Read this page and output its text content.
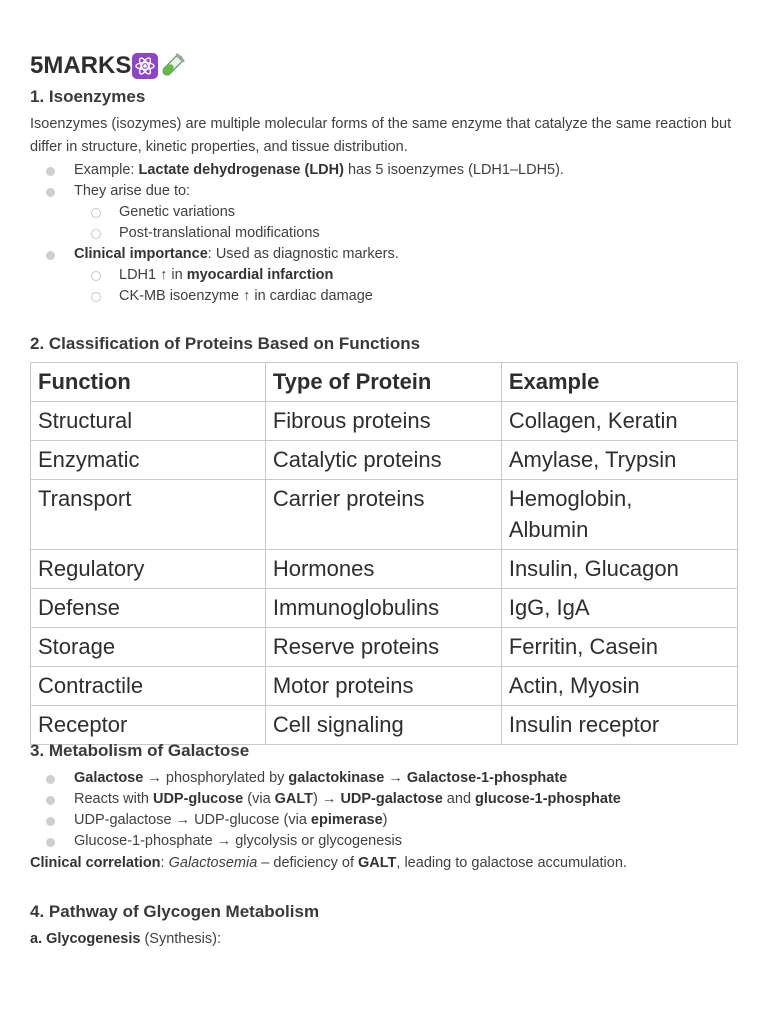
5MARKS
1. Isoenzymes
Isoenzymes (isozymes) are multiple molecular forms of the same enzyme that catalyze the same reaction but differ in structure, kinetic properties, and tissue distribution.
Example: Lactate dehydrogenase (LDH) has 5 isoenzymes (LDH1–LDH5).
They arise due to:
Genetic variations
Post-translational modifications
Clinical importance: Used as diagnostic markers.
LDH1 ↑ in myocardial infarction
CK-MB isoenzyme ↑ in cardiac damage
2. Classification of Proteins Based on Functions
Function	Type of Protein	Example
Structural	Fibrous proteins	Collagen, Keratin
Enzymatic	Catalytic proteins	Amylase, Trypsin
Transport	Carrier proteins	Hemoglobin, Albumin
Regulatory	Hormones	Insulin, Glucagon
Defense	Immunoglobulins	IgG, IgA
Storage	Reserve proteins	Ferritin, Casein
Contractile	Motor proteins	Actin, Myosin
Receptor	Cell signaling	Insulin receptor
3. Metabolism of Galactose
Galactose → phosphorylated by galactokinase → Galactose-1-phosphate
Reacts with UDP-glucose (via GALT) → UDP-galactose and glucose-1-phosphate
UDP-galactose → UDP-glucose (via epimerase)
Glucose-1-phosphate → glycolysis or glycogenesis
Clinical correlation: Galactosemia – deficiency of GALT, leading to galactose accumulation.
4. Pathway of Glycogen Metabolism
a. Glycogenesis (Synthesis):
